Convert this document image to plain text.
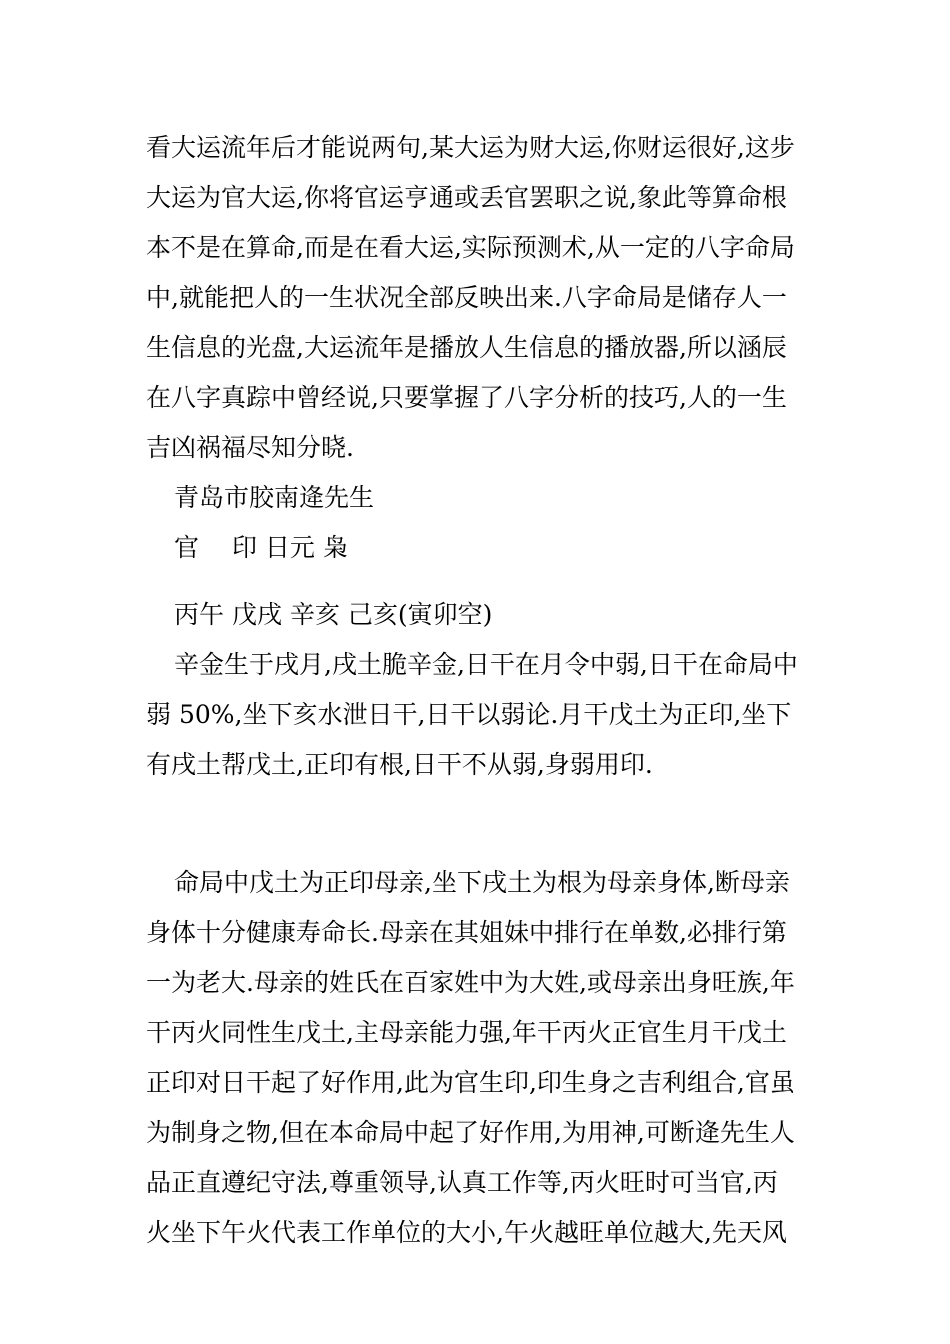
看大运流年后才能说两句,某大运为财大运,你财运很好,这步
大运为官大运,你将官运亨通或丢官罢职之说,象此等算命根
本不是在算命,而是在看大运,实际预测术,从一定的八字命局
中,就能把人的一生状况全部反映出来.八字命局是储存人一
生信息的光盘,大运流年是播放人生信息的播放器,所以涵辰
在八字真踪中曾经说,只要掌握了八字分析的技巧,人的一生
吉凶祸福尽知分晓.
青岛市胶南逄先生
官　 印 日元 枭
丙午 戊戌 辛亥 己亥(寅卯空)
辛金生于戌月,戌土脆辛金,日干在月令中弱,日干在命局中
弱 50%,坐下亥水泄日干,日干以弱论.月干戊土为正印,坐下
有戌土帮戊土,正印有根,日干不从弱,身弱用印.
命局中戊土为正印母亲,坐下戌土为根为母亲身体,断母亲
身体十分健康寿命长.母亲在其姐妹中排行在单数,必排行第
一为老大.母亲的姓氏在百家姓中为大姓,或母亲出身旺族,年
干丙火同性生戊土,主母亲能力强,年干丙火正官生月干戊土
正印对日干起了好作用,此为官生印,印生身之吉利组合,官虽
为制身之物,但在本命局中起了好作用,为用神,可断逄先生人
品正直遵纪守法,尊重领导,认真工作等,丙火旺时可当官,丙
火坐下午火代表工作单位的大小,午火越旺单位越大,先天风
